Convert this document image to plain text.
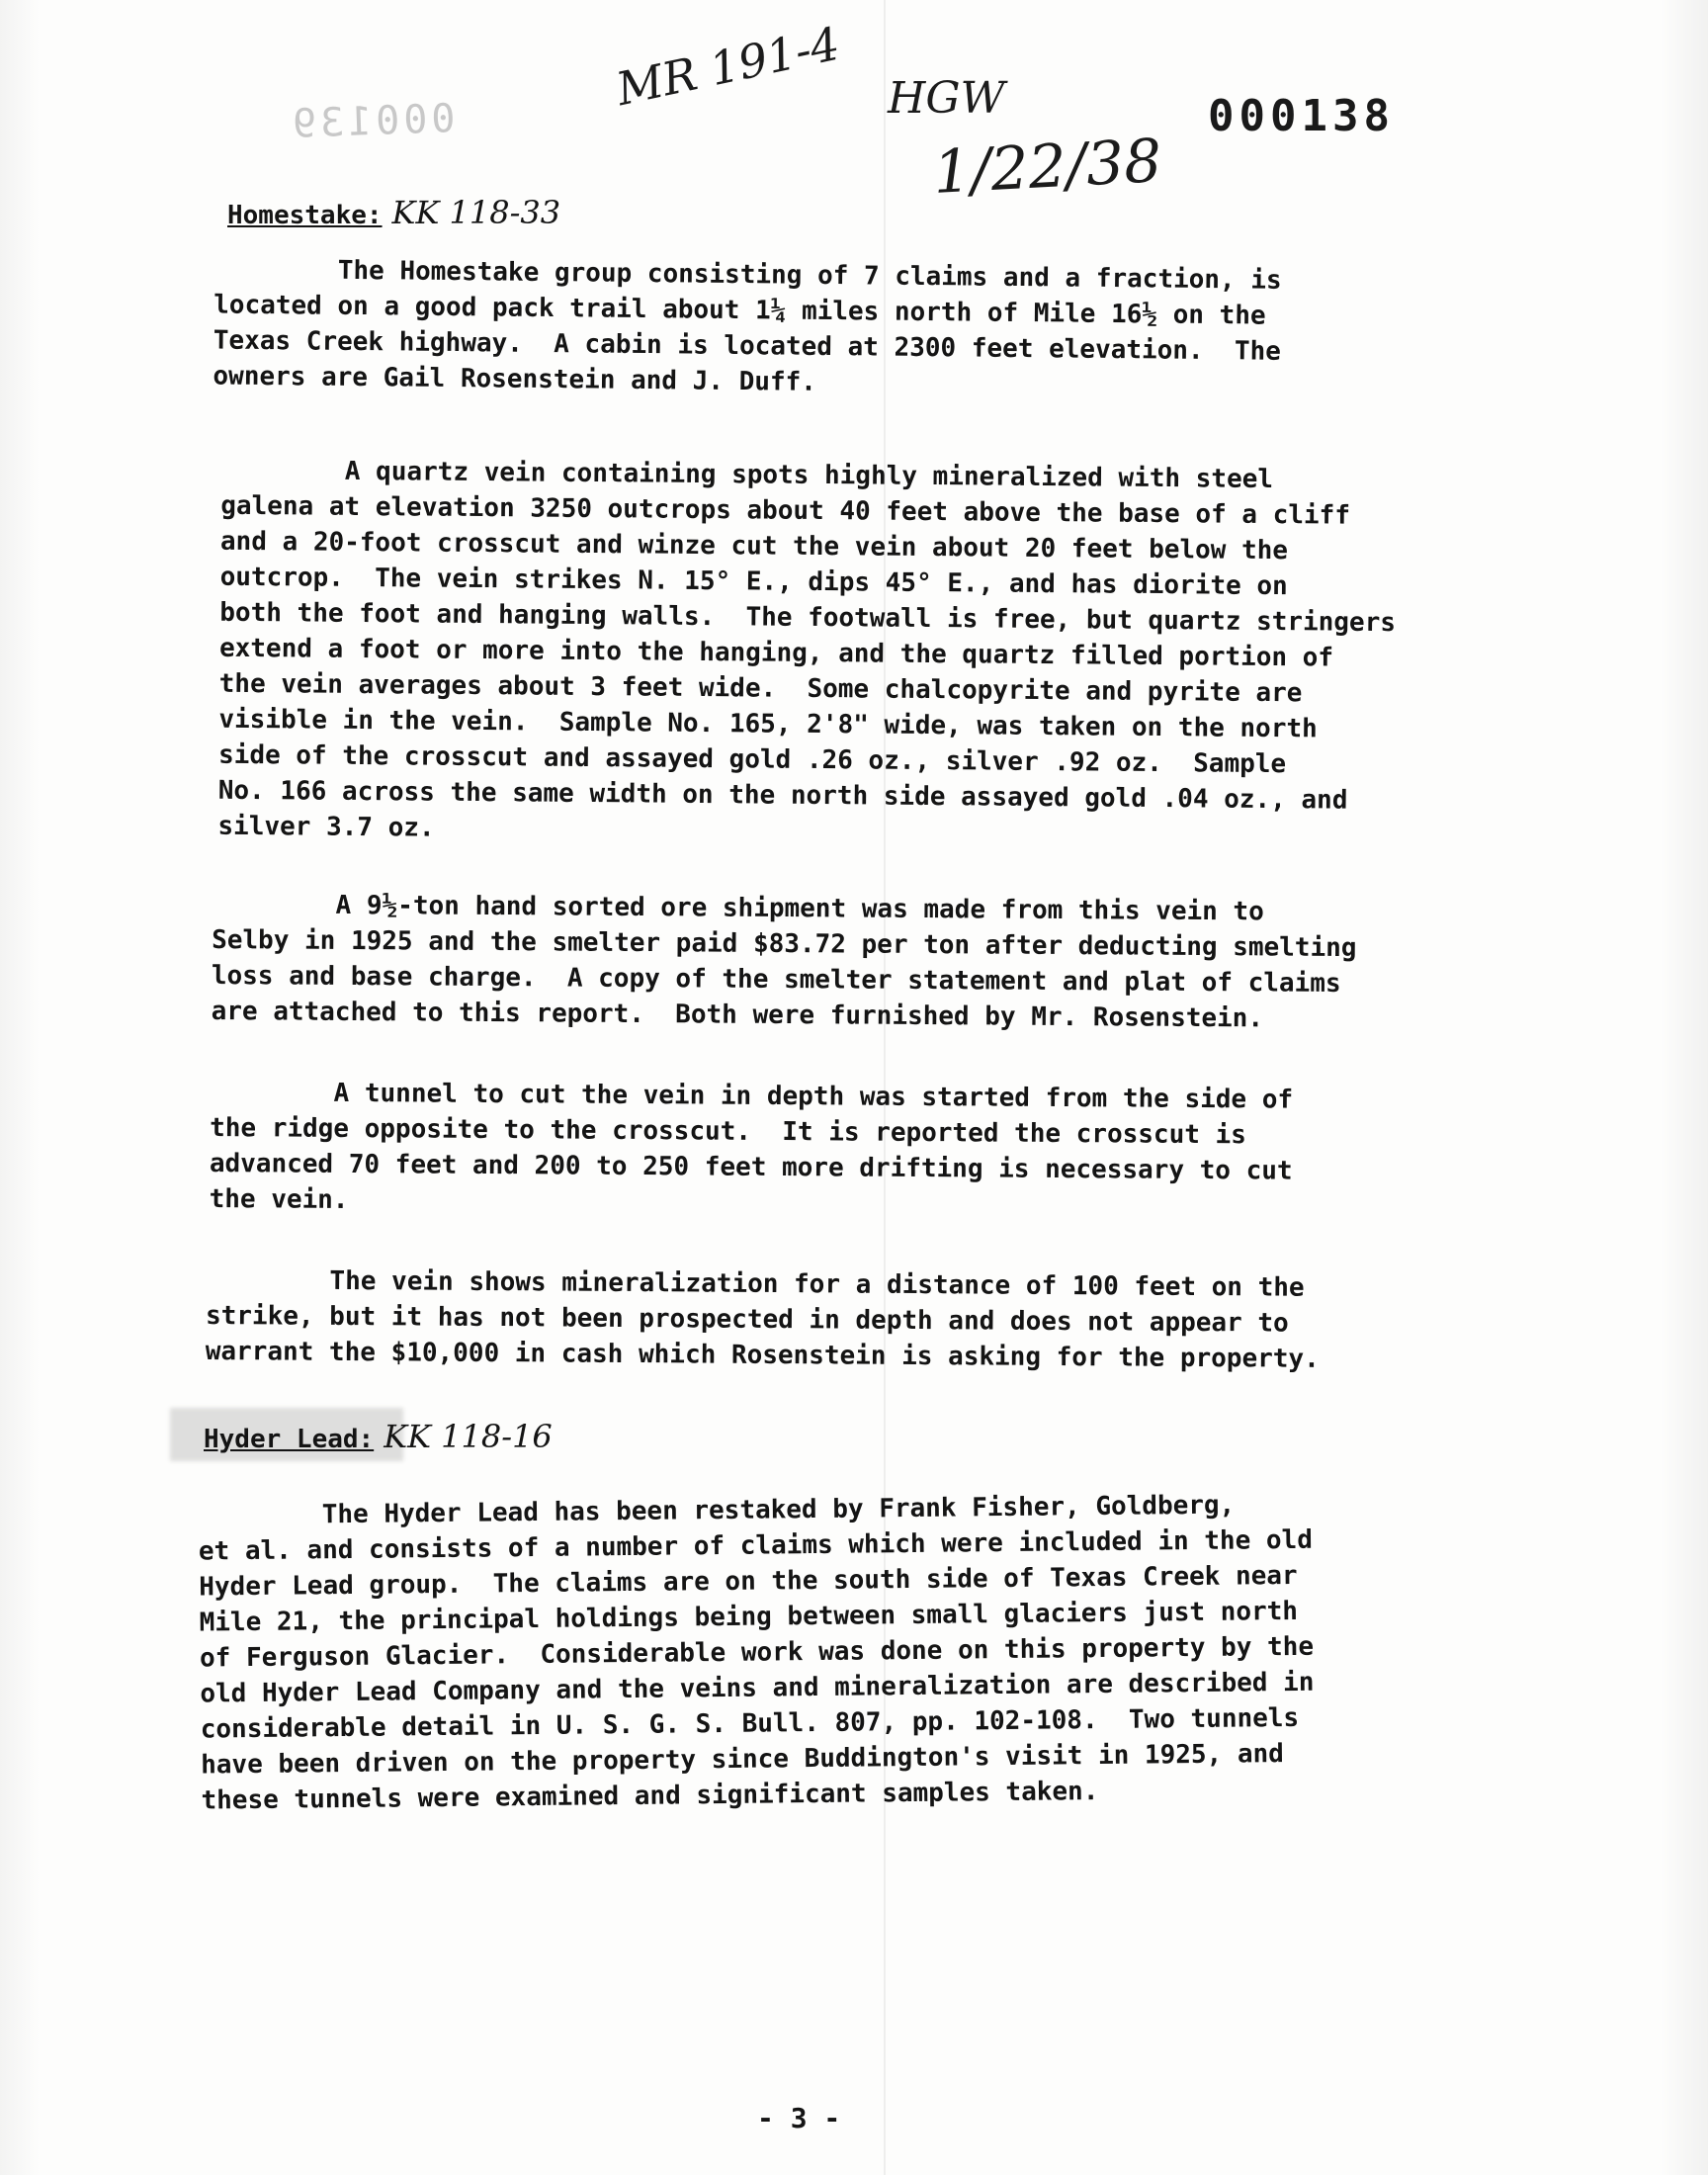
000139	000138
MR 191-4 HGW
1/22/38
Homestake: KK 118-33
The Homestake group consisting of 7 claims and a fraction, is
located on a good pack trail about 1¼ miles north of Mile 16½ on the
Texas Creek highway.  A cabin is located at 2300 feet elevation.  The
owners are Gail Rosenstein and J. Duff.
A quartz vein containing spots highly mineralized with steel
galena at elevation 3250 outcrops about 40 feet above the base of a cliff
and a 20-foot crosscut and winze cut the vein about 20 feet below the
outcrop.  The vein strikes N. 15° E., dips 45° E., and has diorite on
both the foot and hanging walls.  The footwall is free, but quartz stringers
extend a foot or more into the hanging, and the quartz filled portion of
the vein averages about 3 feet wide.  Some chalcopyrite and pyrite are
visible in the vein.  Sample No. 165, 2'8" wide, was taken on the north
side of the crosscut and assayed gold .26 oz., silver .92 oz.  Sample
No. 166 across the same width on the north side assayed gold .04 oz., and
silver 3.7 oz.
A 9½-ton hand sorted ore shipment was made from this vein to
Selby in 1925 and the smelter paid $83.72 per ton after deducting smelting
loss and base charge.  A copy of the smelter statement and plat of claims
are attached to this report.  Both were furnished by Mr. Rosenstein.
A tunnel to cut the vein in depth was started from the side of
the ridge opposite to the crosscut.  It is reported the crosscut is
advanced 70 feet and 200 to 250 feet more drifting is necessary to cut
the vein.
The vein shows mineralization for a distance of 100 feet on the
strike, but it has not been prospected in depth and does not appear to
warrant the $10,000 in cash which Rosenstein is asking for the property.
Hyder Lead: KK 118-16
The Hyder Lead has been restaked by Frank Fisher, Goldberg,
et al. and consists of a number of claims which were included in the old
Hyder Lead group.  The claims are on the south side of Texas Creek near
Mile 21, the principal holdings being between small glaciers just north
of Ferguson Glacier.  Considerable work was done on this property by the
old Hyder Lead Company and the veins and mineralization are described in
considerable detail in U. S. G. S. Bull. 807, pp. 102-108.  Two tunnels
have been driven on the property since Buddington's visit in 1925, and
these tunnels were examined and significant samples taken.
- 3 -
